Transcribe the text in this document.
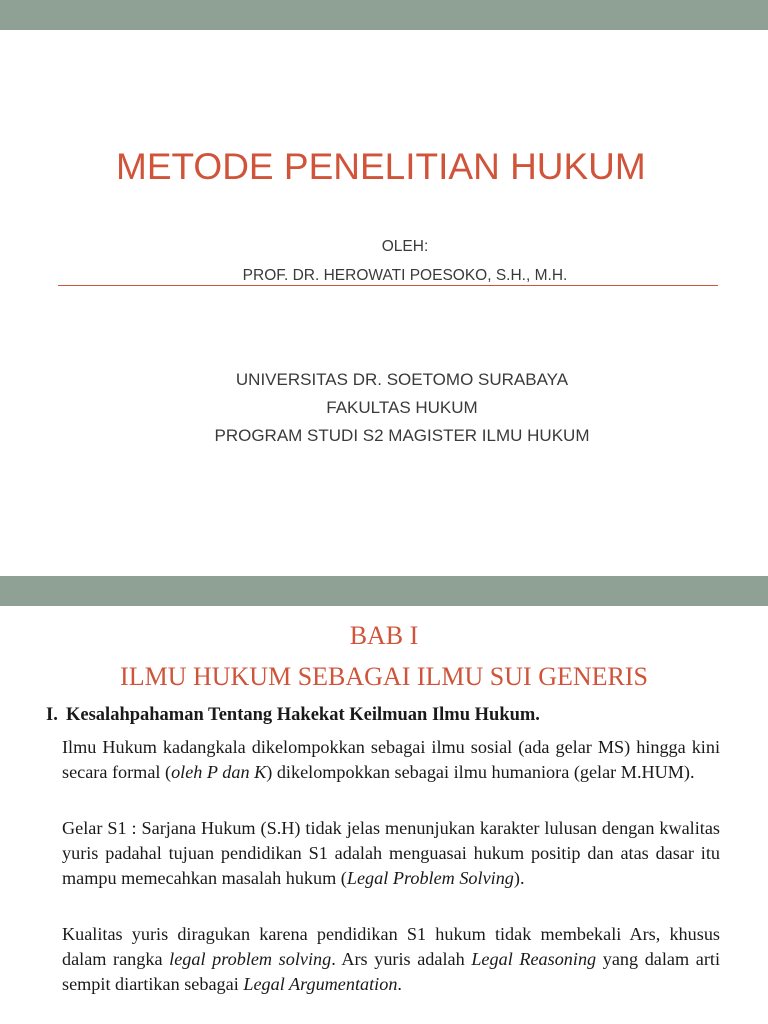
METODE PENELITIAN HUKUM
OLEH:
PROF. DR. HEROWATI POESOKO, S.H., M.H.
UNIVERSITAS DR. SOETOMO SURABAYA
FAKULTAS HUKUM
PROGRAM STUDI S2 MAGISTER ILMU HUKUM
BAB I
ILMU HUKUM SEBAGAI ILMU SUI GENERIS
I. Kesalahpahaman Tentang Hakekat Keilmuan Ilmu Hukum.

Ilmu Hukum kadangkala dikelompokkan sebagai ilmu sosial (ada gelar MS) hingga kini secara formal (oleh P dan K) dikelompokkan sebagai ilmu humaniora (gelar M.HUM).

Gelar S1 : Sarjana Hukum (S.H) tidak jelas menunjukan karakter lulusan dengan kwalitas yuris padahal tujuan pendidikan S1 adalah menguasai hukum positip dan atas dasar itu mampu memecahkan masalah hukum (Legal Problem Solving).

Kualitas yuris diragukan karena pendidikan S1 hukum tidak membekali Ars, khusus dalam rangka legal problem solving. Ars yuris adalah Legal Reasoning yang dalam arti sempit diartikan sebagai Legal Argumentation.
